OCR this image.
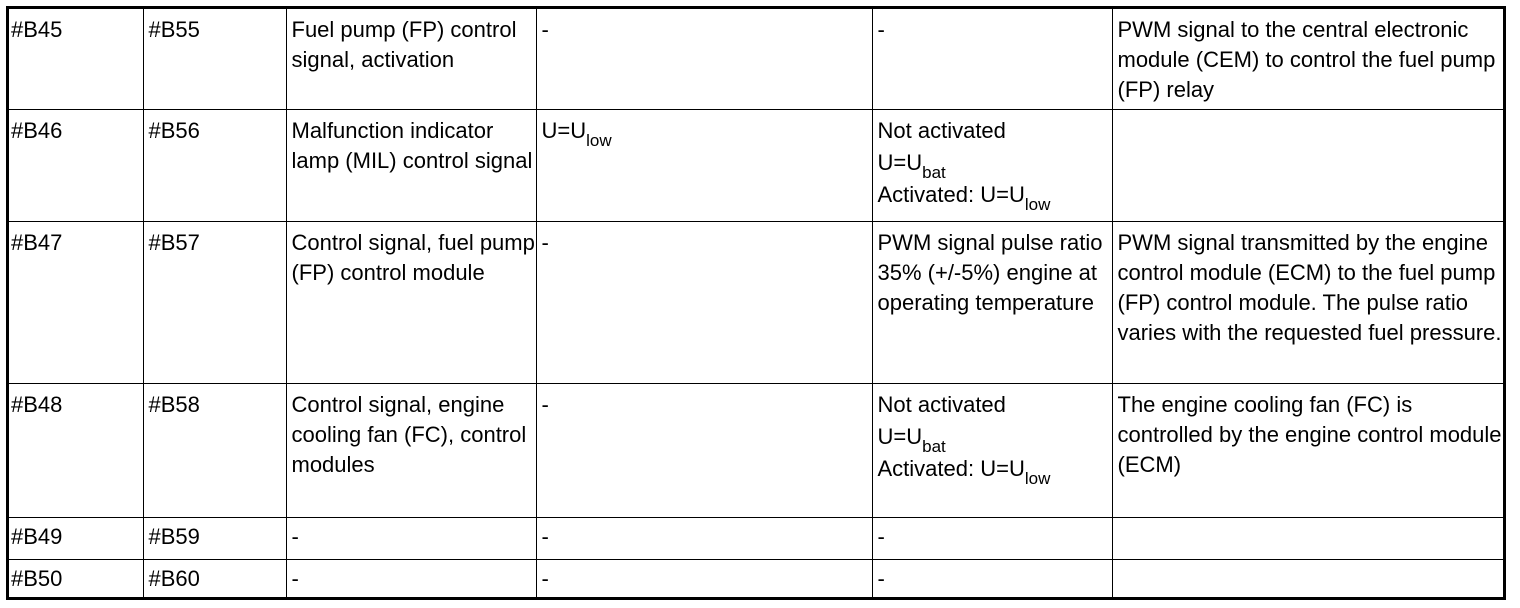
#B45	#B55	Fuel pump (FP) control signal, activation	-	-	PWM signal to the central electronic module (CEM) to control the fuel pump (FP) relay
#B46	#B56	Malfunction indicator lamp (MIL) control signal	$U=U_{low}$	Not activated
$U=U_{bat}$
Activated: $U=U_{low}$

#B47	#B57	Control signal, fuel pump (FP) control module	-	PWM signal pulse ratio 35% (+/-5%) engine at operating temperature	PWM signal transmitted by the engine control module (ECM) to the fuel pump (FP) control module. The pulse ratio varies with the requested fuel pressure.
#B48	#B58	Control signal, engine cooling fan (FC), control modules	-	Not activated
$U=U_{bat}$
Activated: $U=U_{low}$	The engine cooling fan (FC) is controlled by the engine control module (ECM)
#B49	#B59	-	-	-	
#B50	#B60	-	-	-	
